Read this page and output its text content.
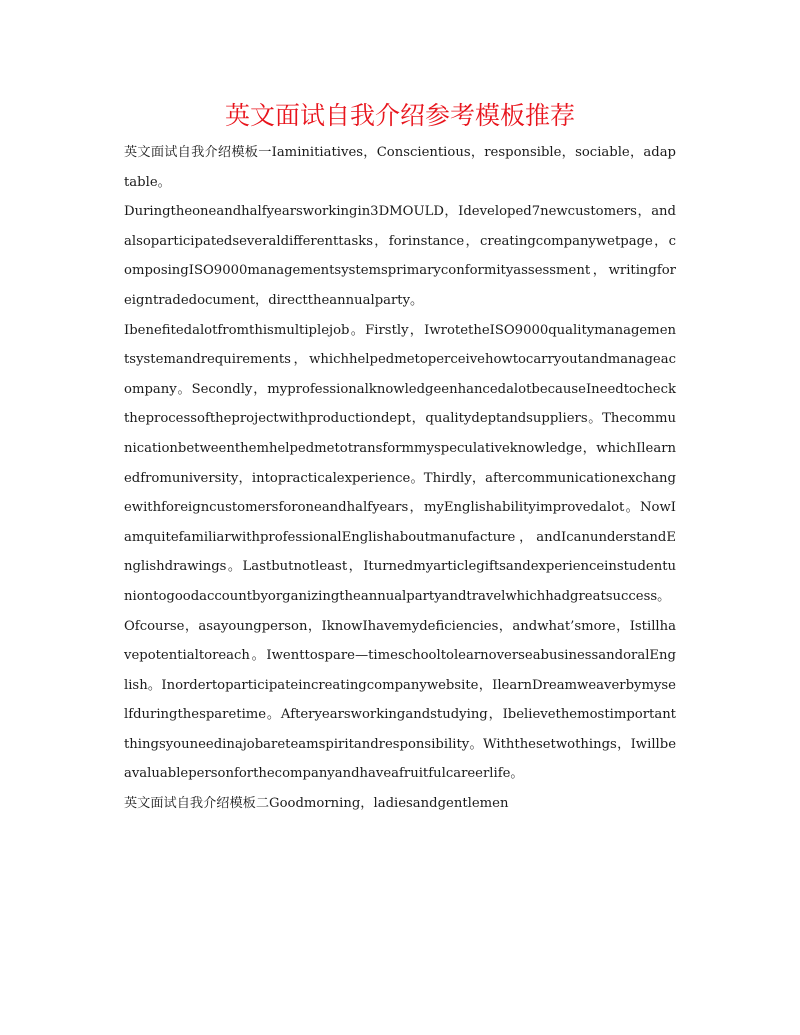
英文面试自我介绍参考模板推荐

英文面试自我介绍模板一Iaminitiatives，Conscientious，responsible，sociable，adaptable。

Duringtheoneandhalfyearsworkingin3DMOULD，Ideveloped7newcustomers，andalsoparticipatedseveraldifferenttasks，forinstance，creatingcompanywetpage，composingISO9000managementsystemsprimaryconformityassessment，writingforeigntradedocument，directtheannualparty。

Ibenefitedalotfromthismultiplejob。Firstly，IwrotetheISO9000qualitymanagementsystemandrequirements，whichhelpedmetoperceivehowtocarryoutandmanageacompany。Secondly，myprofessionalknowledgeenhancedalotbecauseIneedtochecktheprocessoftheprojectwithproductiondept，qualitydeptandsuppliers。Thecommunicationbetweenthemhelpedmetotransformmyspeculativeknowledge，whichIlearnedfromuniversity，intopracticalexperience。Thirdly，aftercommunicationexchangewithforeigncustomersforoneandhalfyears，myEnglishabilityimprovedalot。NowIamquitefamiliarwithprofessionalEnglishaboutmanufacture，andIcanunderstandEnglishdrawings。Lastbutnotleast，Iturnedmyarticlegiftsandexperienceinstudentuniontogoodaccountbyorganizingtheannualpartyandtravelwhichhadgreatsuccess。

Ofcourse，asayoungperson，IknowIhavemydeficiencies，andwhat’smore，Istillhavepotentialtoreach。Iwenttospare—timeschooltolearnoverseabusinessandoralEnglish。Inordertoparticipateincreatingcompanywebsite，IlearnDreamweaverbymyselfduringthesparetime。Afteryearsworkingandstudying，Ibelievethemostimportantthingsyouneedinajobareteamspiritandresponsibility。Withthesetwothings，Iwillbeavaluablepersonforthecompanyandhaveafruitfulcareerlife。

英文面试自我介绍模板二Goodmorning，ladiesandgentlemen
